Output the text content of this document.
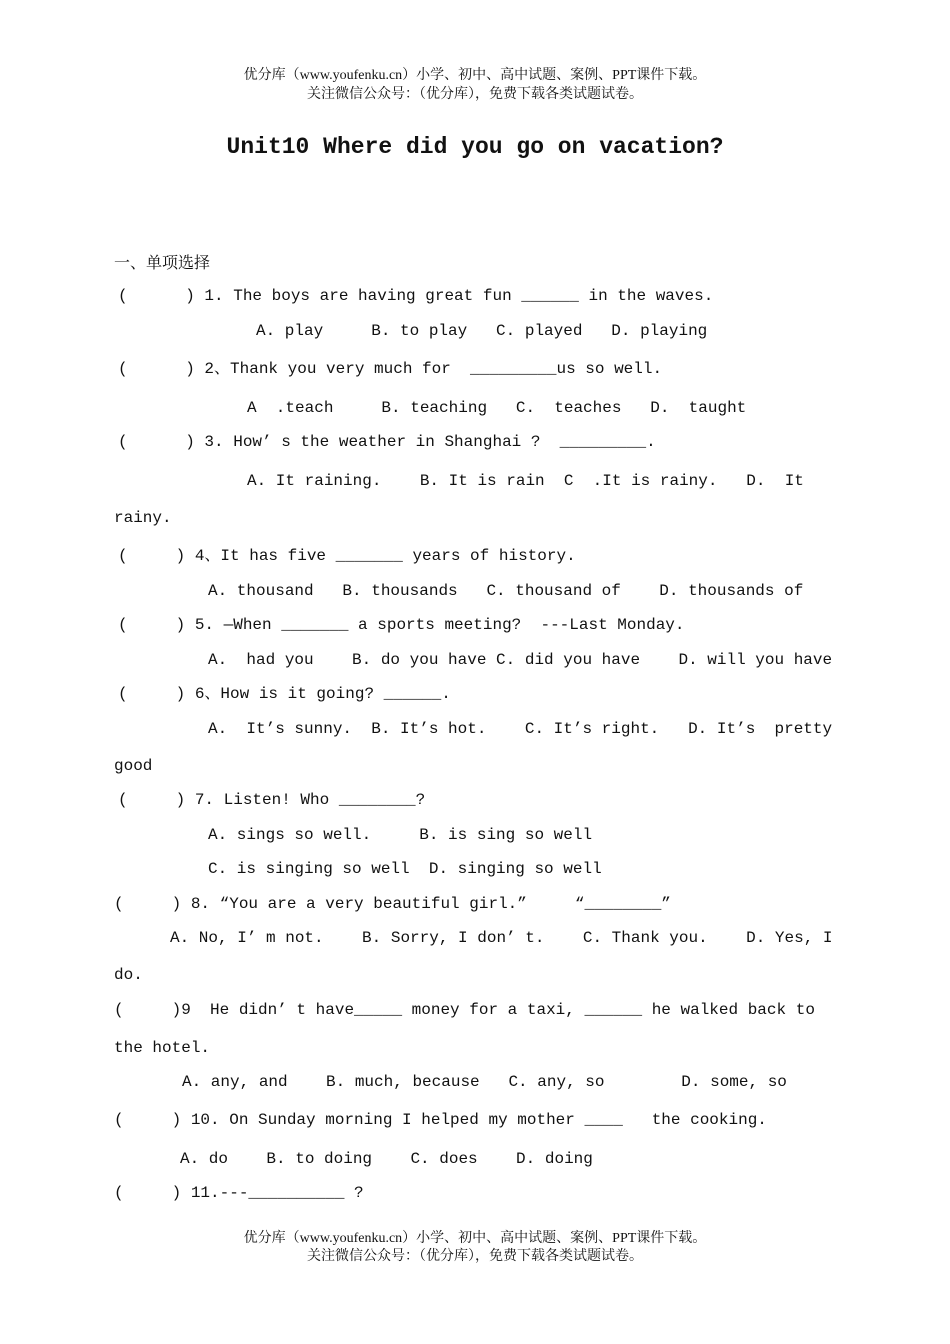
优分库（www.youfenku.cn）小学、初中、高中试题、案例、PPT课件下载。
关注微信公众号：（优分库），免费下载各类试题试卷。
Unit10 Where did you go on vacation?
一、单项选择
(      ) 1. The boys are having great fun ______ in the waves.
A. play     B. to play   C. played   D. playing
(      ) 2、Thank you very much for  _________us so well.
A  .teach     B. teaching   C.  teaches   D.  taught
(      ) 3. How’ s the weather in Shanghai ?  _________.
A. It raining.    B. It is rain  C  .It is rainy.   D.  It
rainy.
(     ) 4、It has five _______ years of history.
A. thousand   B. thousands   C. thousand of    D. thousands of
(     ) 5. —When _______ a sports meeting?  ---Last Monday.
A.  had you    B. do you have C. did you have    D. will you have
(     ) 6、How is it going? ______.
A.  It’s sunny.  B. It’s hot.    C. It’s right.   D. It’s  pretty
good
(     ) 7. Listen! Who ________?
A. sings so well.     B. is sing so well
C. is singing so well  D. singing so well
(     ) 8. “You are a very beautiful girl.”     “________”
A. No, I’ m not.    B. Sorry, I don’ t.    C. Thank you.    D. Yes, I
do.
(     )9  He didn’ t have_____ money for a taxi, ______ he walked back to
the hotel.
A. any, and    B. much, because   C. any, so        D. some, so
(     ) 10. On Sunday morning I helped my mother ____   the cooking.
A. do    B. to doing    C. does    D. doing
(     ) 11.---__________ ?
优分库（www.youfenku.cn）小学、初中、高中试题、案例、PPT课件下载。
关注微信公众号：（优分库），免费下载各类试题试卷。
